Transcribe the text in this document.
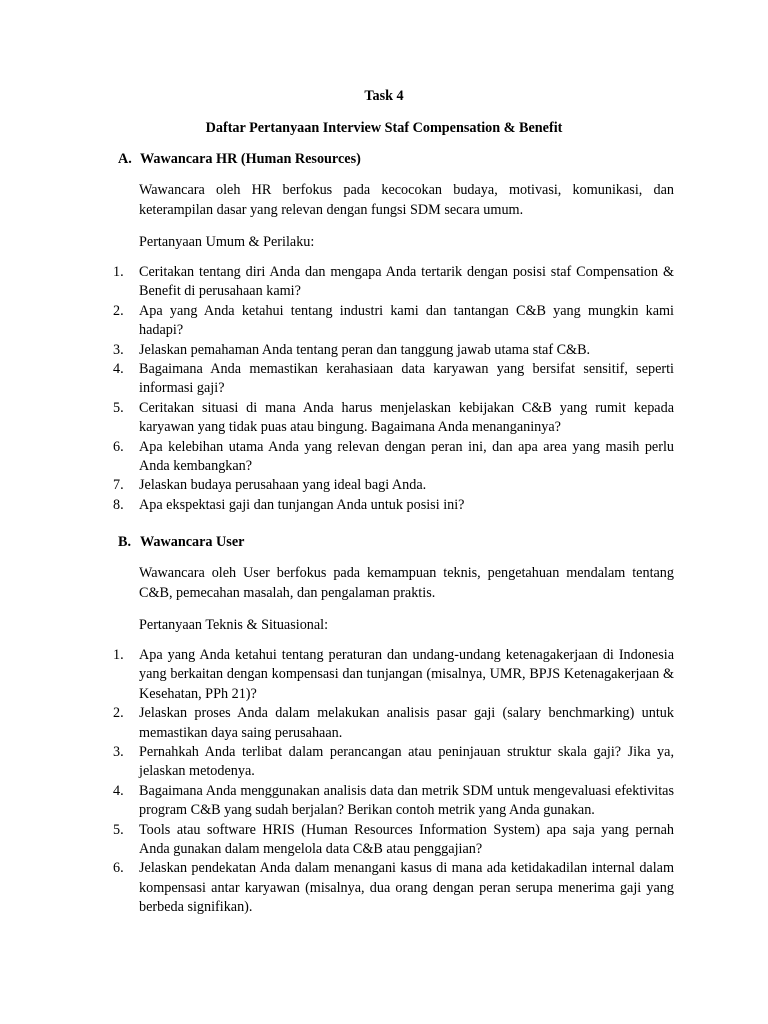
Task 4
Daftar Pertanyaan Interview Staf Compensation & Benefit
A. Wawancara HR (Human Resources)
Wawancara oleh HR berfokus pada kecocokan budaya, motivasi, komunikasi, dan keterampilan dasar yang relevan dengan fungsi SDM secara umum.
Pertanyaan Umum & Perilaku:
1. Ceritakan tentang diri Anda dan mengapa Anda tertarik dengan posisi staf Compensation & Benefit di perusahaan kami?
2. Apa yang Anda ketahui tentang industri kami dan tantangan C&B yang mungkin kami hadapi?
3. Jelaskan pemahaman Anda tentang peran dan tanggung jawab utama staf C&B.
4. Bagaimana Anda memastikan kerahasiaan data karyawan yang bersifat sensitif, seperti informasi gaji?
5. Ceritakan situasi di mana Anda harus menjelaskan kebijakan C&B yang rumit kepada karyawan yang tidak puas atau bingung. Bagaimana Anda menanganinya?
6. Apa kelebihan utama Anda yang relevan dengan peran ini, dan apa area yang masih perlu Anda kembangkan?
7. Jelaskan budaya perusahaan yang ideal bagi Anda.
8. Apa ekspektasi gaji dan tunjangan Anda untuk posisi ini?
B. Wawancara User
Wawancara oleh User berfokus pada kemampuan teknis, pengetahuan mendalam tentang C&B, pemecahan masalah, dan pengalaman praktis.
Pertanyaan Teknis & Situasional:
1. Apa yang Anda ketahui tentang peraturan dan undang-undang ketenagakerjaan di Indonesia yang berkaitan dengan kompensasi dan tunjangan (misalnya, UMR, BPJS Ketenagakerjaan & Kesehatan, PPh 21)?
2. Jelaskan proses Anda dalam melakukan analisis pasar gaji (salary benchmarking) untuk memastikan daya saing perusahaan.
3. Pernahkah Anda terlibat dalam perancangan atau peninjauan struktur skala gaji? Jika ya, jelaskan metodenya.
4. Bagaimana Anda menggunakan analisis data dan metrik SDM untuk mengevaluasi efektivitas program C&B yang sudah berjalan? Berikan contoh metrik yang Anda gunakan.
5. Tools atau software HRIS (Human Resources Information System) apa saja yang pernah Anda gunakan dalam mengelola data C&B atau penggajian?
6. Jelaskan pendekatan Anda dalam menangani kasus di mana ada ketidakadilan internal dalam kompensasi antar karyawan (misalnya, dua orang dengan peran serupa menerima gaji yang berbeda signifikan).
